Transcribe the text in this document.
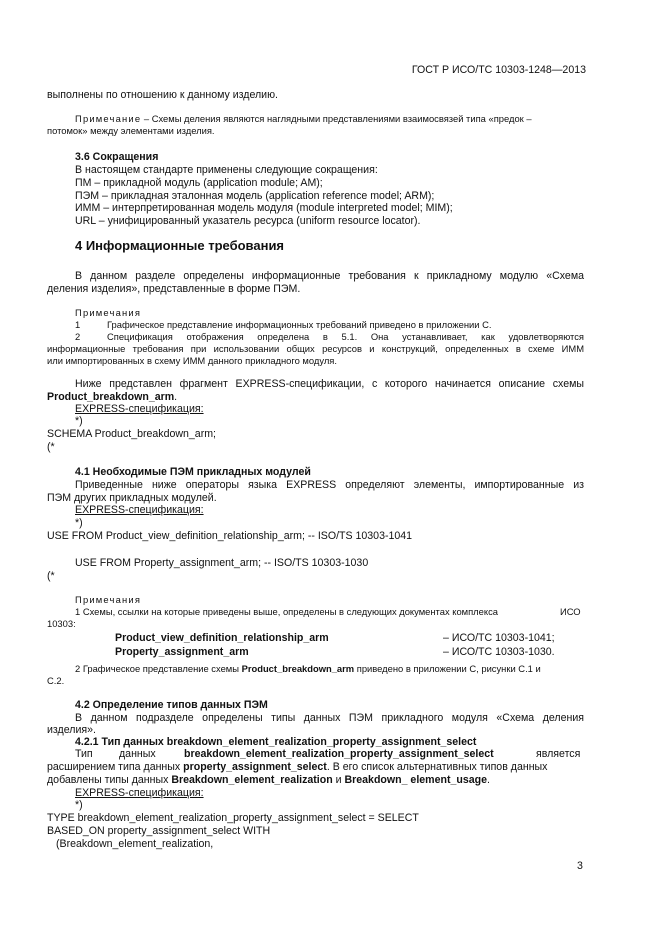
ГОСТ Р ИСО/ТС 10303-1248—2013
выполнены по отношению к данному изделию.
Примечание – Схемы деления являются наглядными представлениями взаимосвязей типа «предок –
потомок» между элементами изделия.
3.6 Сокращения
В настоящем стандарте применены следующие сокращения:
ПМ – прикладной модуль (application module; AM);
ПЭМ – прикладная эталонная модель (application reference model; ARM);
ИММ – интерпретированная модель модуля (module interpreted model; MIM);
URL – унифицированный указатель ресурса (uniform resource locator).
4 Информационные требования
В данном разделе определены информационные требования к прикладному модулю «Схема
деления изделия», представленные в форме ПЭМ.
Примечания
1	Графическое представление информационных требований приведено в приложении С.
2	Спецификация отображения определена в 5.1. Она устанавливает, как удовлетворяются
информационные требования при использовании общих ресурсов и конструкций, определенных в схеме ИММ
или импортированных в схему ИММ данного прикладного модуля.
Ниже представлен фрагмент EXPRESS-спецификации, с которого начинается описание схемы
Product_breakdown_arm.
EXPRESS-спецификация:
*)
SCHEMA Product_breakdown_arm;
(*
4.1 Необходимые ПЭМ прикладных модулей
Приведенные ниже операторы языка EXPRESS определяют элементы, импортированные из
ПЭМ других прикладных модулей.
EXPRESS-спецификация:
*)
USE FROM Product_view_definition_relationship_arm; -- ISO/TS 10303-1041
USE FROM Property_assignment_arm; -- ISO/TS 10303-1030
(*
Примечания
1 Схемы, ссылки на которые приведены выше, определены в следующих документах комплекса	ИСО
10303:
Product_view_definition_relationship_arm	– ИСО/ТС 10303-1041;
Property_assignment_arm	– ИСО/ТС 10303-1030.
2 Графическое представление схемы Product_breakdown_arm приведено в приложении С, рисунки С.1 и
С.2.
4.2 Определение типов данных ПЭМ
В данном подразделе определены типы данных ПЭМ прикладного модуля «Схема деления
изделия».
4.2.1 Тип данных breakdown_element_realization_property_assignment_select
Тип данных	breakdown_element_realization_property_assignment_select	является
расширением типа данных property_assignment_select. В его список альтернативных типов данных
добавлены типы данных Breakdown_element_realization и Breakdown_ element_usage.
EXPRESS-спецификация:
*)
TYPE breakdown_element_realization_property_assignment_select = SELECT
BASED_ON property_assignment_select WITH
(Breakdown_element_realization,
3
